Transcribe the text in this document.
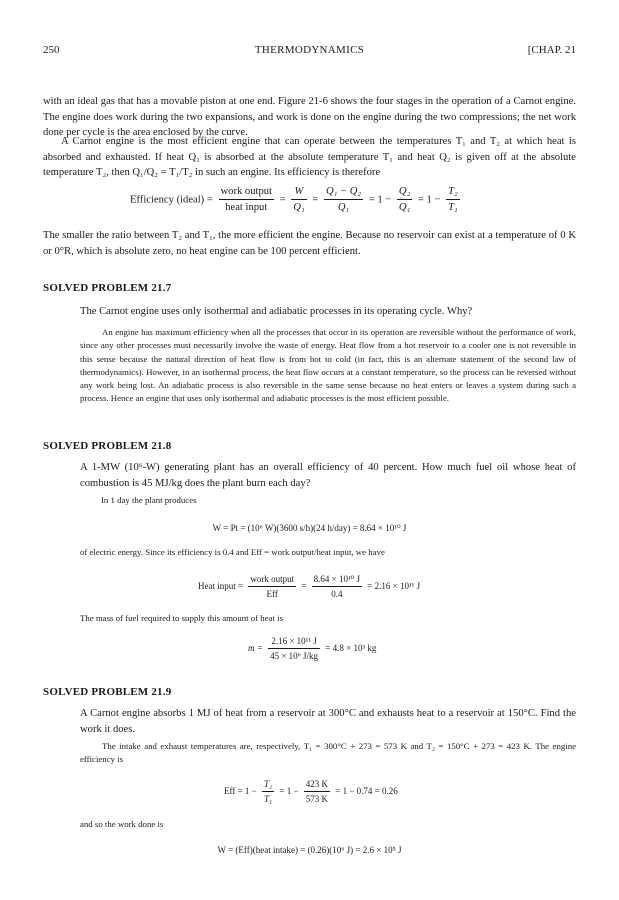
250	THERMODYNAMICS	[CHAP. 21
with an ideal gas that has a movable piston at one end. Figure 21-6 shows the four stages in the operation of a Carnot engine. The engine does work during the two expansions, and work is done on the engine during the two compressions; the net work done per cycle is the area enclosed by the curve.
A Carnot engine is the most efficient engine that can operate between the temperatures T₁ and T₂ at which heat is absorbed and exhausted. If heat Q₁ is absorbed at the absolute temperature T₁ and heat Q₂ is given off at the absolute temperature T₂, then Q₁/Q₂ = T₁/T₂ in such an engine. Its efficiency is therefore
Efficiency (ideal) = $\frac{\text{work output}}{\text{heat input}} = \frac{W}{\text{Q₁}} = \frac{\text{Q₁ − Q₂}}{\text{Q₁}} = 1 - \frac{\text{Q₂}}{\text{Q₁}} = 1 - \frac{\text{T₂}}{\text{T₁}}$
The smaller the ratio between T₂ and T₁, the more efficient the engine. Because no reservoir can exist at a temperature of 0 K or 0°R, which is absolute zero, no heat engine can be 100 percent efficient.
SOLVED PROBLEM 21.7
The Carnot engine uses only isothermal and adiabatic processes in its operating cycle. Why?
An engine has maximum efficiency when all the processes that occur in its operation are reversible without the performance of work, since any other processes must necessarily involve the waste of energy. Heat flow from a hot reservoir to a cooler one is not reversible in this sense because the natural direction of heat flow is from hot to cold (in fact, this is an alternate statement of the second law of thermodynamics). However, in an isothermal process, the heat flow occurs at a constant temperature, so the process can be reversed without any work being lost. An adiabatic process is also reversible in the same sense because no heat enters or leaves a system during such a process. Hence an engine that uses only isothermal and adiabatic processes is the most efficient possible.
SOLVED PROBLEM 21.8
A 1-MW (10⁶-W) generating plant has an overall efficiency of 40 percent. How much fuel oil whose heat of combustion is 45 MJ/kg does the plant burn each day?
In 1 day the plant produces
W = Pt = (10⁶ W)(3600 s/h)(24 h/day) = 8.64 × 10¹⁰ J
of electric energy. Since its efficiency is 0.4 and Eff = work output/heat input, we have
Heat input = $\frac{\text{work output}}{\text{Eff}} = \frac{\text{8.64 × 10¹⁰ J}}{0.4} = 2.16 \times 10^{11}$ J
The mass of fuel required to supply this amount of heat is
$m = \frac{\text{2.16 × 10¹¹ J}}{\text{45 × 10⁶ J/kg}} = 4.8 \times 10^3$ kg
SOLVED PROBLEM 21.9
A Carnot engine absorbs 1 MJ of heat from a reservoir at 300°C and exhausts heat to a reservoir at 150°C. Find the work it does.
The intake and exhaust temperatures are, respectively, T₁ = 300°C + 273 = 573 K and T₂ = 150°C + 273 = 423 K. The engine efficiency is
Eff = $1 - \frac{\text{T₂}}{\text{T₁}} = 1 - \frac{423 K}{573 K} = 1 - 0.74 = 0.26$
and so the work done is
W = (Eff)(heat intake) = (0.26)(10⁶ J) = 2.6 × 10⁵ J
